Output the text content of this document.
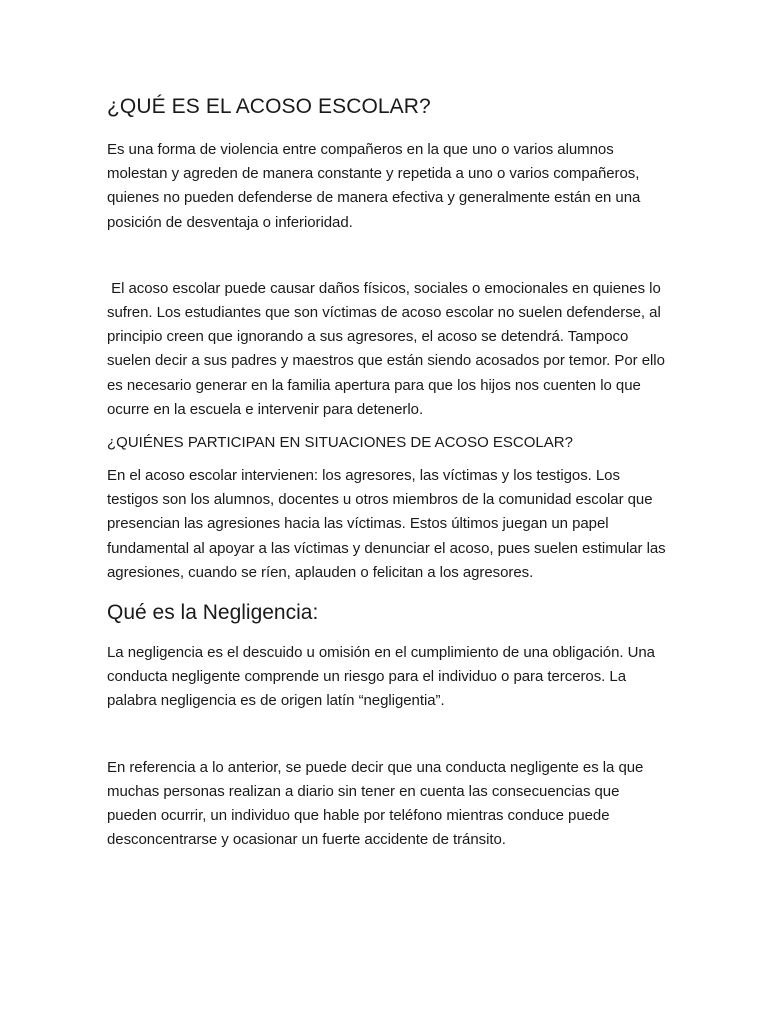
¿QUÉ ES EL ACOSO ESCOLAR?

Es una forma de violencia entre compañeros en la que uno o varios alumnos molestan y agreden de manera constante y repetida a uno o varios compañeros, quienes no pueden defenderse de manera efectiva y generalmente están en una posición de desventaja o inferioridad.

El acoso escolar puede causar daños físicos, sociales o emocionales en quienes lo sufren. Los estudiantes que son víctimas de acoso escolar no suelen defenderse, al principio creen que ignorando a sus agresores, el acoso se detendrá. Tampoco suelen decir a sus padres y maestros que están siendo acosados por temor. Por ello es necesario generar en la familia apertura para que los hijos nos cuenten lo que ocurre en la escuela e intervenir para detenerlo.

¿QUIÉNES PARTICIPAN EN SITUACIONES DE ACOSO ESCOLAR?

En el acoso escolar intervienen: los agresores, las víctimas y los testigos. Los testigos son los alumnos, docentes u otros miembros de la comunidad escolar que presencian las agresiones hacia las víctimas. Estos últimos juegan un papel fundamental al apoyar a las víctimas y denunciar el acoso, pues suelen estimular las agresiones, cuando se ríen, aplauden o felicitan a los agresores.

Qué es la Negligencia:

La negligencia es el descuido u omisión en el cumplimiento de una obligación. Una conducta negligente comprende un riesgo para el individuo o para terceros. La palabra negligencia es de origen latín “negligentia”.

En referencia a lo anterior, se puede decir que una conducta negligente es la que muchas personas realizan a diario sin tener en cuenta las consecuencias que pueden ocurrir, un individuo que hable por teléfono mientras conduce puede desconcentrarse y ocasionar un fuerte accidente de tránsito.
